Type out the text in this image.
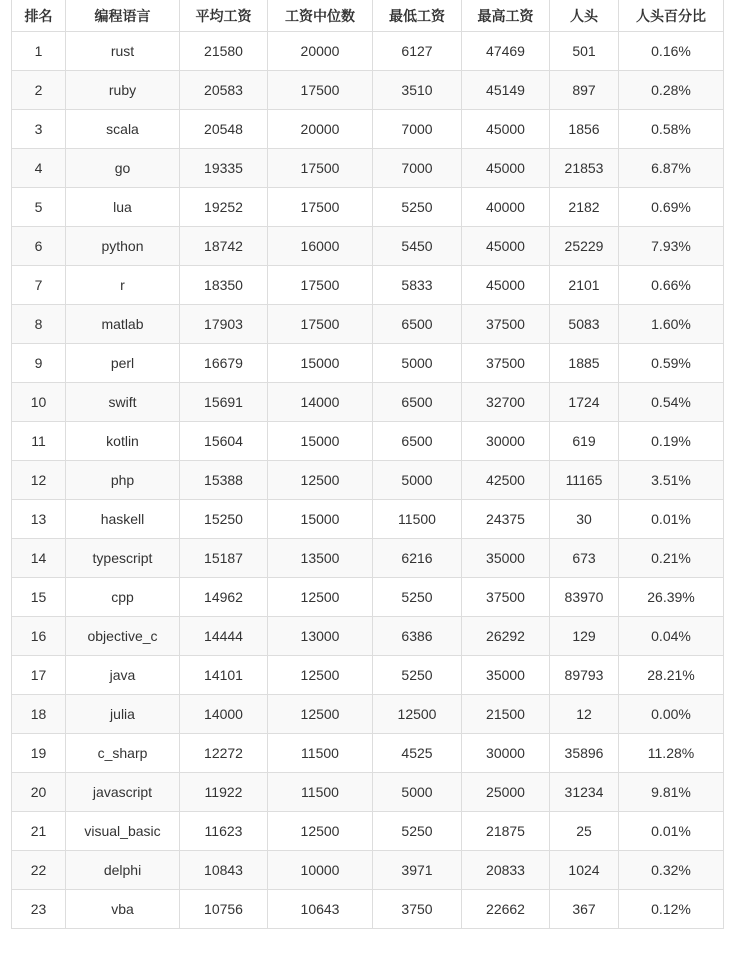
排名	编程语言	平均工资	工资中位数	最低工资	最高工资	人头	人头百分比
1	rust	21580	20000	6127	47469	501	0.16%
2	ruby	20583	17500	3510	45149	897	0.28%
3	scala	20548	20000	7000	45000	1856	0.58%
4	go	19335	17500	7000	45000	21853	6.87%
5	lua	19252	17500	5250	40000	2182	0.69%
6	python	18742	16000	5450	45000	25229	7.93%
7	r	18350	17500	5833	45000	2101	0.66%
8	matlab	17903	17500	6500	37500	5083	1.60%
9	perl	16679	15000	5000	37500	1885	0.59%
10	swift	15691	14000	6500	32700	1724	0.54%
11	kotlin	15604	15000	6500	30000	619	0.19%
12	php	15388	12500	5000	42500	11165	3.51%
13	haskell	15250	15000	11500	24375	30	0.01%
14	typescript	15187	13500	6216	35000	673	0.21%
15	cpp	14962	12500	5250	37500	83970	26.39%
16	objective_c	14444	13000	6386	26292	129	0.04%
17	java	14101	12500	5250	35000	89793	28.21%
18	julia	14000	12500	12500	21500	12	0.00%
19	c_sharp	12272	11500	4525	30000	35896	11.28%
20	javascript	11922	11500	5000	25000	31234	9.81%
21	visual_basic	11623	12500	5250	21875	25	0.01%
22	delphi	10843	10000	3971	20833	1024	0.32%
23	vba	10756	10643	3750	22662	367	0.12%
